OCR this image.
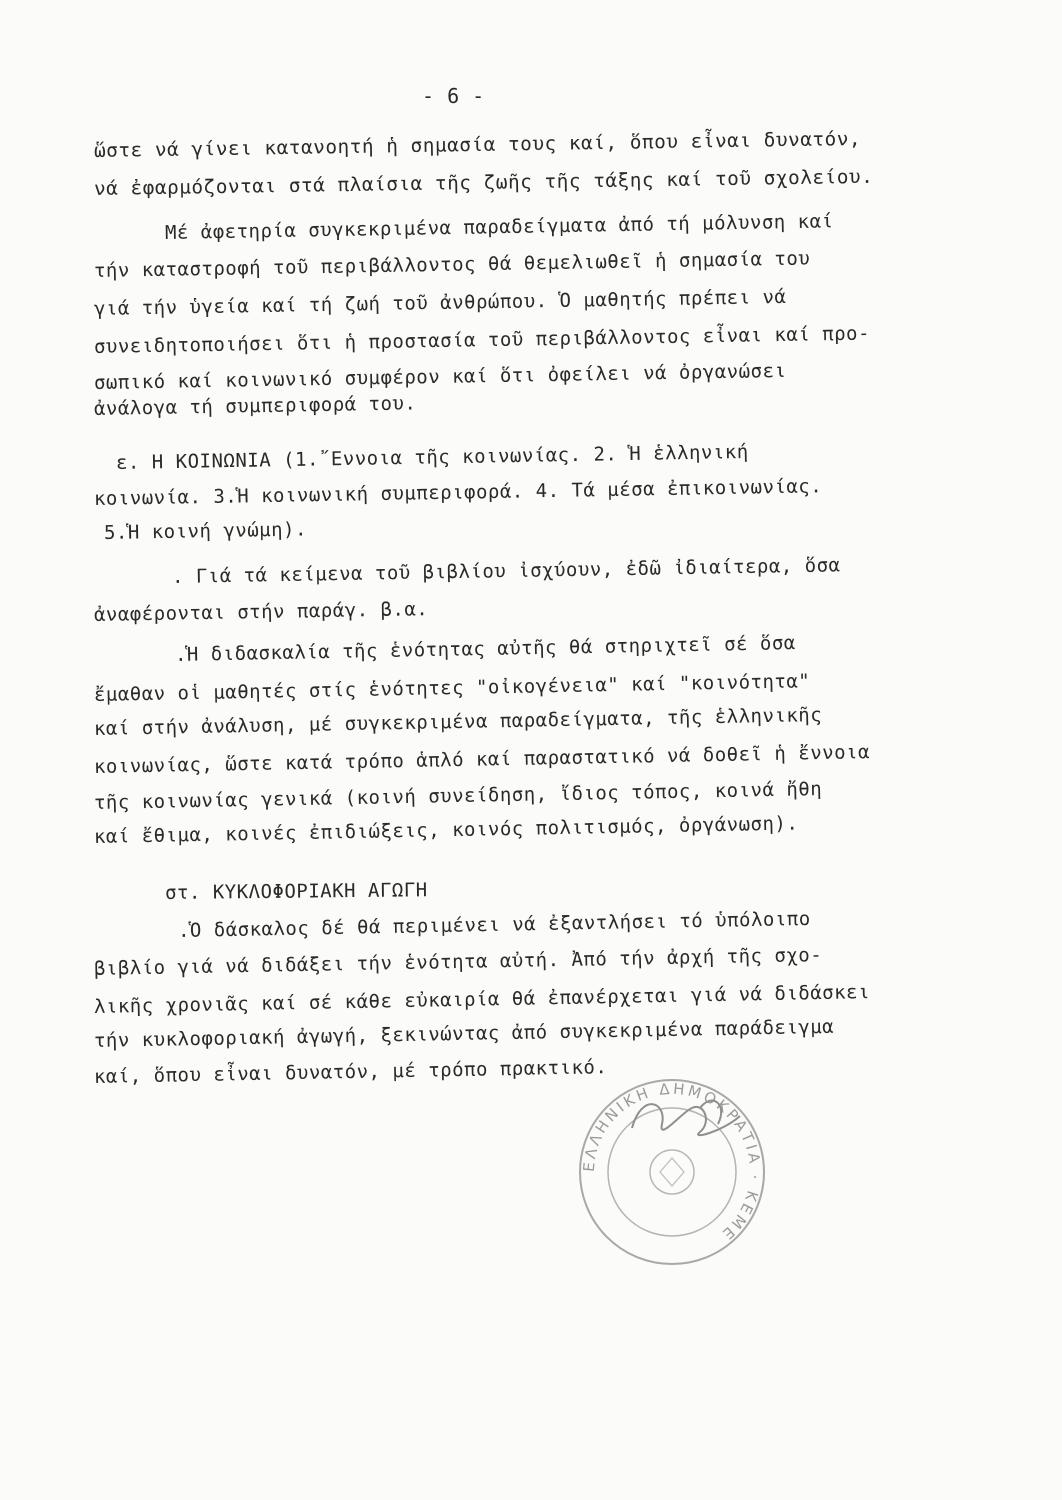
- 6 -
ὥστε νά γίνει κατανοητή ἡ σημασία τους καί, ὅπου εἶναι δυνατόν,
νά ἐφαρμόζονται στά πλαίσια τῆς ζωῆς τῆς τάξης καί τοῦ σχολείου.
Μέ ἀφετηρία συγκεκριμένα παραδείγματα ἀπό τή μόλυνση καί
τήν καταστροφή τοῦ περιβάλλοντος θά θεμελιωθεῖ ἡ σημασία του
γιά τήν ὑγεία καί τή ζωή τοῦ ἀνθρώπου. Ὁ μαθητής πρέπει νά
συνειδητοποιήσει ὅτι ἡ προστασία τοῦ περιβάλλοντος εἶναι καί προ-
σωπικό καί κοινωνικό συμφέρον καί ὅτι ὀφείλει νά ὀργανώσει
ἀνάλογα τή συμπεριφορά του.
ε. Η ΚΟΙΝΩΝΙΑ (1.῎Εννοια τῆς κοινωνίας. 2. Ἡ ἑλληνική
κοινωνία. 3.Ἡ κοινωνική συμπεριφορά. 4. Τά μέσα ἐπικοινωνίας.
5.Ἡ κοινή γνώμη).
. Γιά τά κείμενα τοῦ βιβλίου ἰσχύουν, ἐδῶ ἰδιαίτερα, ὅσα
ἀναφέρονται στήν παράγ. β.α.
.Ἡ διδασκαλία τῆς ἑνότητας αὐτῆς θά στηριχτεῖ σέ ὅσα
ἔμαθαν οἱ μαθητές στίς ἑνότητες "οἰκογένεια" καί "κοινότητα"
καί στήν ἀνάλυση, μέ συγκεκριμένα παραδείγματα, τῆς ἑλληνικῆς
κοινωνίας, ὥστε κατά τρόπο ἁπλό καί παραστατικό νά δοθεῖ ἡ ἔννοια
τῆς κοινωνίας γενικά (κοινή συνείδηση, ἴδιος τόπος, κοινά ἤθη
καί ἔθιμα, κοινές ἐπιδιώξεις, κοινός πολιτισμός, ὀργάνωση).
στ. ΚΥΚΛΟΦΟΡΙΑΚΗ ΑΓΩΓΗ
.Ὁ δάσκαλος δέ θά περιμένει νά ἐξαντλήσει τό ὑπόλοιπο
βιβλίο γιά νά διδάξει τήν ἑνότητα αὐτή. Ἀπό τήν ἀρχή τῆς σχο-
λικῆς χρονιᾶς καί σέ κάθε εὐκαιρία θά ἐπανέρχεται γιά νά διδάσκει
τήν κυκλοφοριακή ἀγωγή, ξεκινώντας ἀπό συγκεκριμένα παράδειγμα
καί, ὅπου εἶναι δυνατόν, μέ τρόπο πρακτικό.
ΕΛΛΗΝΙΚΗ ΔΗΜΟΚΡΑΤΙΑ · ΚΕΜΕ
